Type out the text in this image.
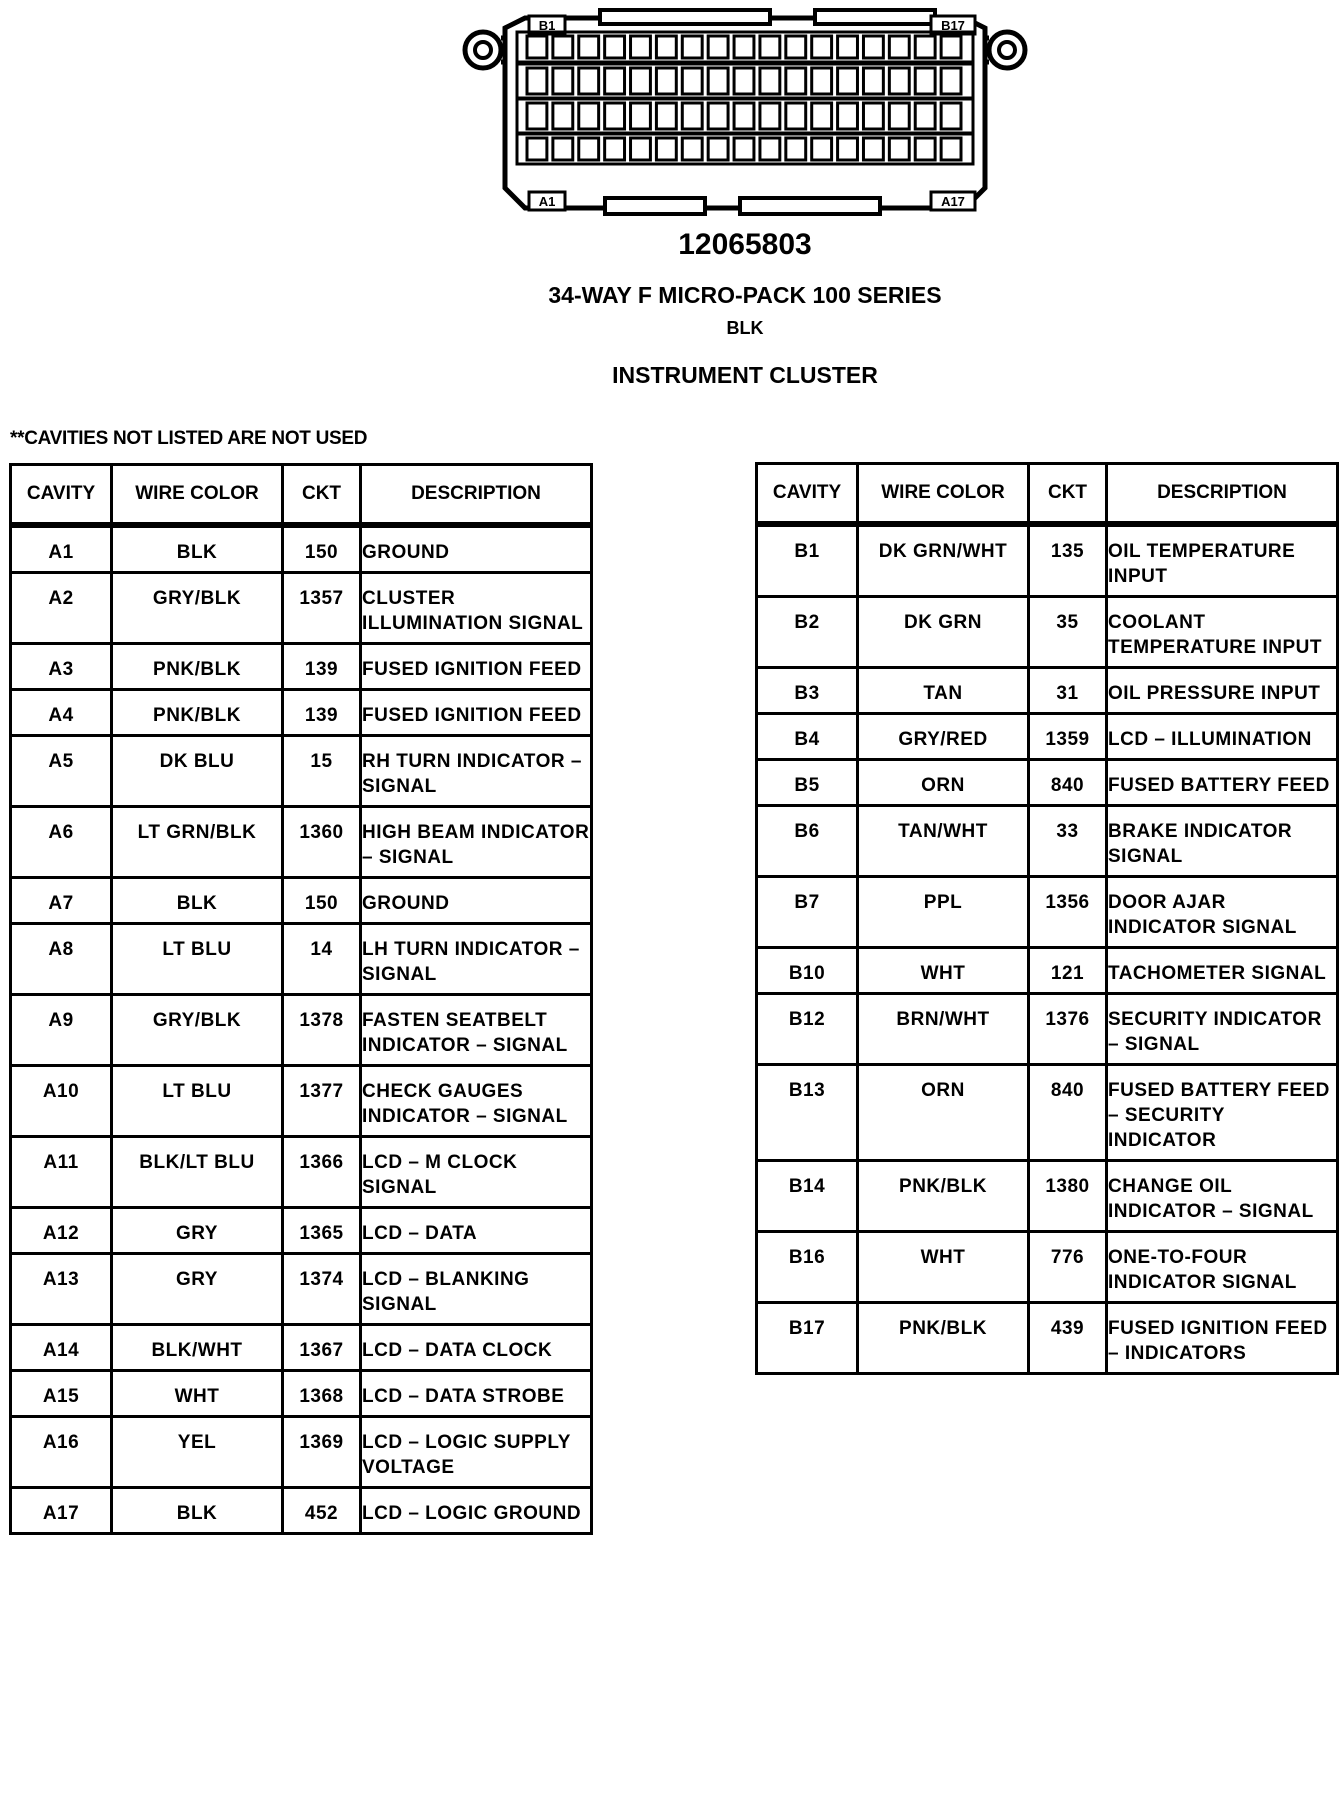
B1	B17
A1	A17
12065803
34-WAY F MICRO-PACK 100 SERIES
BLK
INSTRUMENT CLUSTER
**CAVITIES NOT LISTED ARE NOT USED
CAVITY	WIRE COLOR	CKT	DESCRIPTION
A1	BLK	150	GROUND
A2	GRY/BLK	1357	CLUSTER ILLUMINATION SIGNAL
A3	PNK/BLK	139	FUSED IGNITION FEED
A4	PNK/BLK	139	FUSED IGNITION FEED
A5	DK BLU	15	RH TURN INDICATOR – SIGNAL
A6	LT GRN/BLK	1360	HIGH BEAM INDICATOR – SIGNAL
A7	BLK	150	GROUND
A8	LT BLU	14	LH TURN INDICATOR – SIGNAL
A9	GRY/BLK	1378	FASTEN SEATBELT INDICATOR – SIGNAL
A10	LT BLU	1377	CHECK GAUGES INDICATOR – SIGNAL
A11	BLK/LT BLU	1366	LCD – M CLOCK SIGNAL
A12	GRY	1365	LCD – DATA
A13	GRY	1374	LCD – BLANKING SIGNAL
A14	BLK/WHT	1367	LCD – DATA CLOCK
A15	WHT	1368	LCD – DATA STROBE
A16	YEL	1369	LCD – LOGIC SUPPLY VOLTAGE
A17	BLK	452	LCD – LOGIC GROUND
CAVITY	WIRE COLOR	CKT	DESCRIPTION
B1	DK GRN/WHT	135	OIL TEMPERATURE INPUT
B2	DK GRN	35	COOLANT TEMPERATURE INPUT
B3	TAN	31	OIL PRESSURE INPUT
B4	GRY/RED	1359	LCD – ILLUMINATION
B5	ORN	840	FUSED BATTERY FEED
B6	TAN/WHT	33	BRAKE INDICATOR SIGNAL
B7	PPL	1356	DOOR AJAR INDICATOR SIGNAL
B10	WHT	121	TACHOMETER SIGNAL
B12	BRN/WHT	1376	SECURITY INDICATOR – SIGNAL
B13	ORN	840	FUSED BATTERY FEED – SECURITY INDICATOR
B14	PNK/BLK	1380	CHANGE OIL INDICATOR – SIGNAL
B16	WHT	776	ONE-TO-FOUR INDICATOR SIGNAL
B17	PNK/BLK	439	FUSED IGNITION FEED – INDICATORS
